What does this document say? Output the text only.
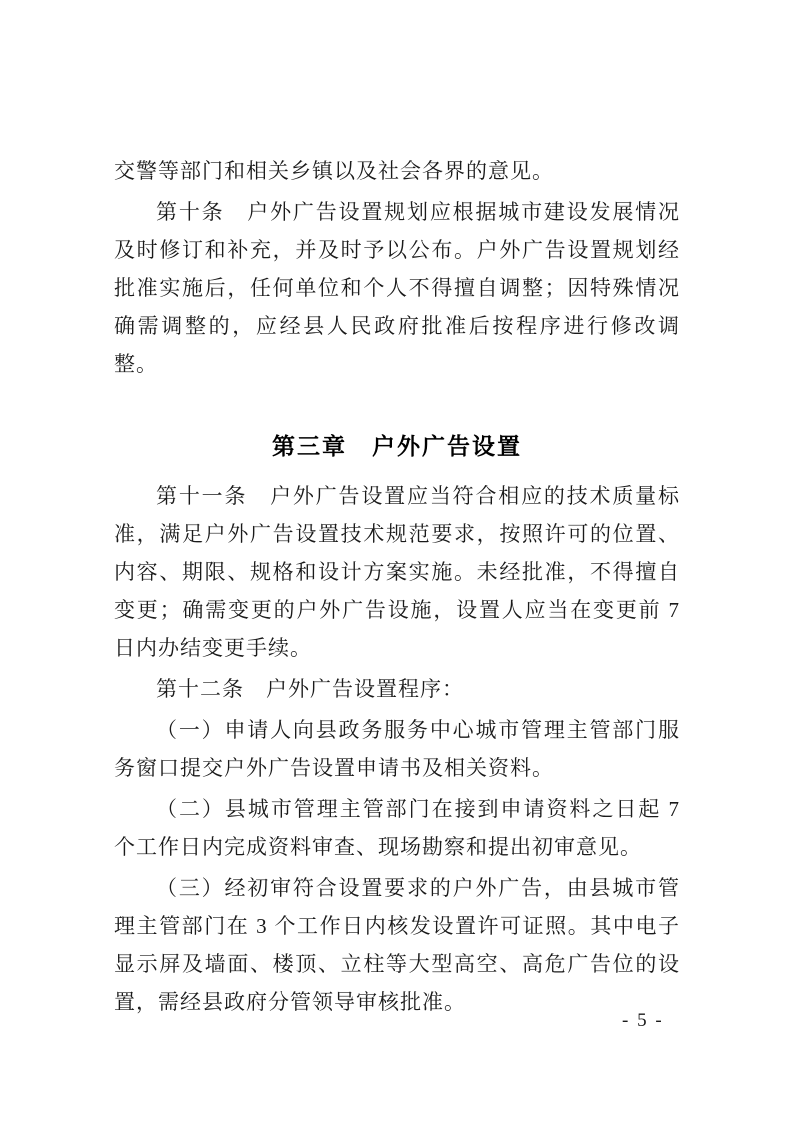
交警等部门和相关乡镇以及社会各界的意见。

第十条　户外广告设置规划应根据城市建设发展情况及时修订和补充，并及时予以公布。户外广告设置规划经批准实施后，任何单位和个人不得擅自调整；因特殊情况确需调整的，应经县人民政府批准后按程序进行修改调整。

第三章　户外广告设置

第十一条　户外广告设置应当符合相应的技术质量标准，满足户外广告设置技术规范要求，按照许可的位置、内容、期限、规格和设计方案实施。未经批准，不得擅自变更；确需变更的户外广告设施，设置人应当在变更前 7 日内办结变更手续。

第十二条　户外广告设置程序：

（一）申请人向县政务服务中心城市管理主管部门服务窗口提交户外广告设置申请书及相关资料。

（二）县城市管理主管部门在接到申请资料之日起 7 个工作日内完成资料审查、现场勘察和提出初审意见。

（三）经初审符合设置要求的户外广告，由县城市管理主管部门在 3 个工作日内核发设置许可证照。其中电子显示屏及墙面、楼顶、立柱等大型高空、高危广告位的设置，需经县政府分管领导审核批准。

- 5 -
